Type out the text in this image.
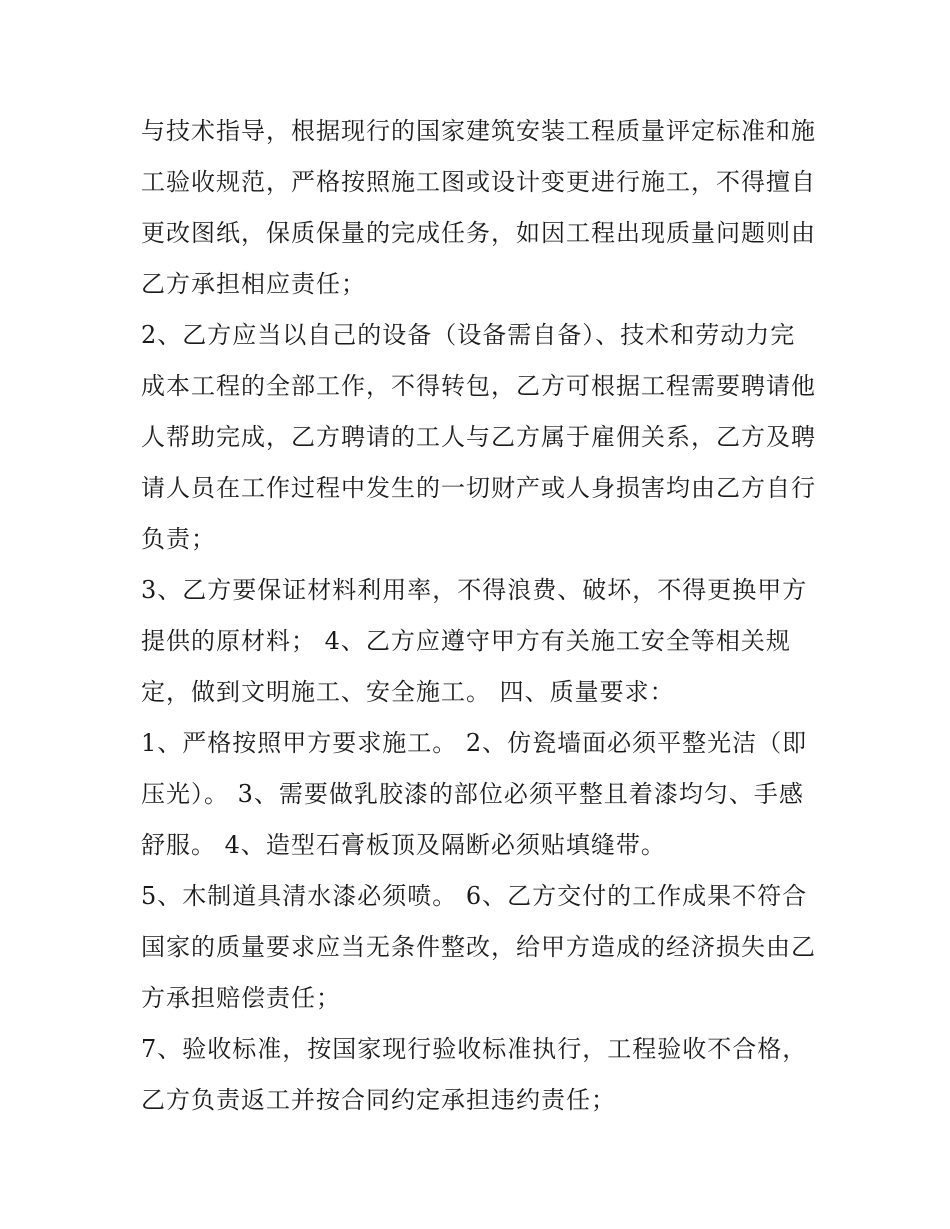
与技术指导，根据现行的国家建筑安装工程质量评定标准和施
工验收规范，严格按照施工图或设计变更进行施工，不得擅自
更改图纸，保质保量的完成任务，如因工程出现质量问题则由
乙方承担相应责任；
2、乙方应当以自己的设备（设备需自备）、技术和劳动力完
成本工程的全部工作，不得转包，乙方可根据工程需要聘请他
人帮助完成，乙方聘请的工人与乙方属于雇佣关系，乙方及聘
请人员在工作过程中发生的一切财产或人身损害均由乙方自行
负责；
3、乙方要保证材料利用率，不得浪费、破坏，不得更换甲方
提供的原材料； 4、乙方应遵守甲方有关施工安全等相关规
定，做到文明施工、安全施工。 四、质量要求：
1、严格按照甲方要求施工。 2、仿瓷墙面必须平整光洁（即
压光）。 3、需要做乳胶漆的部位必须平整且着漆均匀、手感
舒服。 4、造型石膏板顶及隔断必须贴填缝带。
5、木制道具清水漆必须喷。 6、乙方交付的工作成果不符合
国家的质量要求应当无条件整改，给甲方造成的经济损失由乙
方承担赔偿责任；
7、验收标准，按国家现行验收标准执行，工程验收不合格，
乙方负责返工并按合同约定承担违约责任；
